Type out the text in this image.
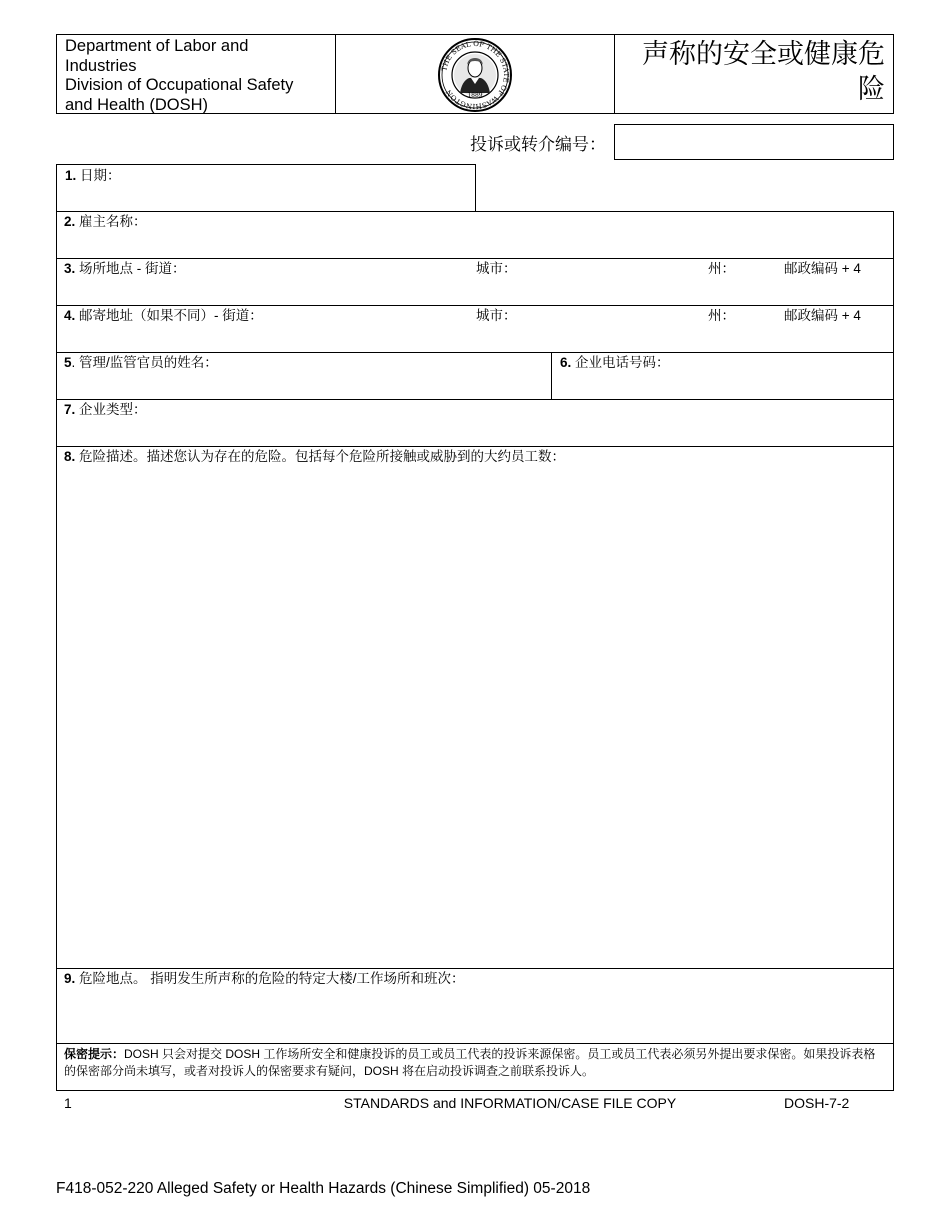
Department of Labor and
Industries
Division of Occupational Safety
and Health (DOSH)
THE SEAL OF THE STATE OF WASHINGTON	1889
声称的安全或健康危
险
投诉或转介编号：
1. 日期：
2. 雇主名称：
3. 场所地点 - 街道：	城市：	州：	邮政编码 + 4
4. 邮寄地址（如果不同）- 街道：	城市：	州：	邮政编码 + 4
5. 管理/监管官员的姓名：	6. 企业电话号码：
7. 企业类型：
8. 危险描述。描述您认为存在的危险。包括每个危险所接触或威胁到的大约员工数：
9. 危险地点。 指明发生所声称的危险的特定大楼/工作场所和班次：
保密提示：DOSH 只会对提交 DOSH 工作场所安全和健康投诉的员工或员工代表的投诉来源保密。员工或员工代表必须另外提出要求保密。如果投诉表格的保密部分尚未填写，或者对投诉人的保密要求有疑问，DOSH 将在启动投诉调查之前联系投诉人。
1	STANDARDS and INFORMATION/CASE FILE COPY	DOSH-7-2
F418-052-220 Alleged Safety or Health Hazards (Chinese Simplified) 05-2018
